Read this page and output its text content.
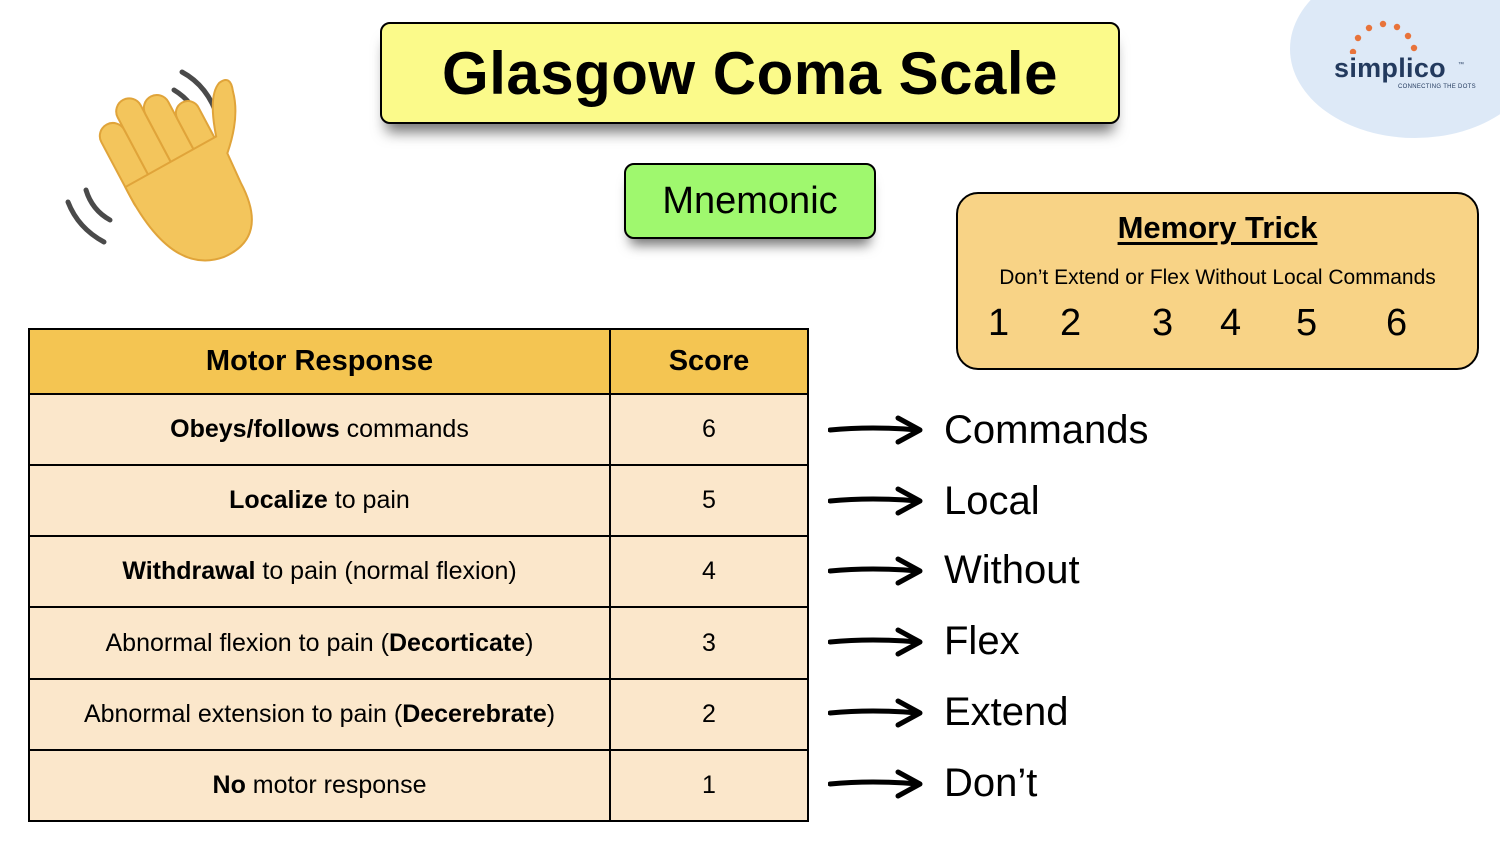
simplico ™
CONNECTING THE DOTS
Glasgow Coma Scale
Mnemonic
Memory Trick
Don’t Extend or Flex Without Local Commands
1 2 3 4 5 6
Motor Response	Score
Obeys/follows commands	6
Localize to pain	5
Withdrawal to pain (normal flexion)	4
Abnormal flexion to pain (Decorticate)	3
Abnormal extension to pain (Decerebrate)	2
No motor response	1
Commands
Local
Without
Flex
Extend
Don’t
